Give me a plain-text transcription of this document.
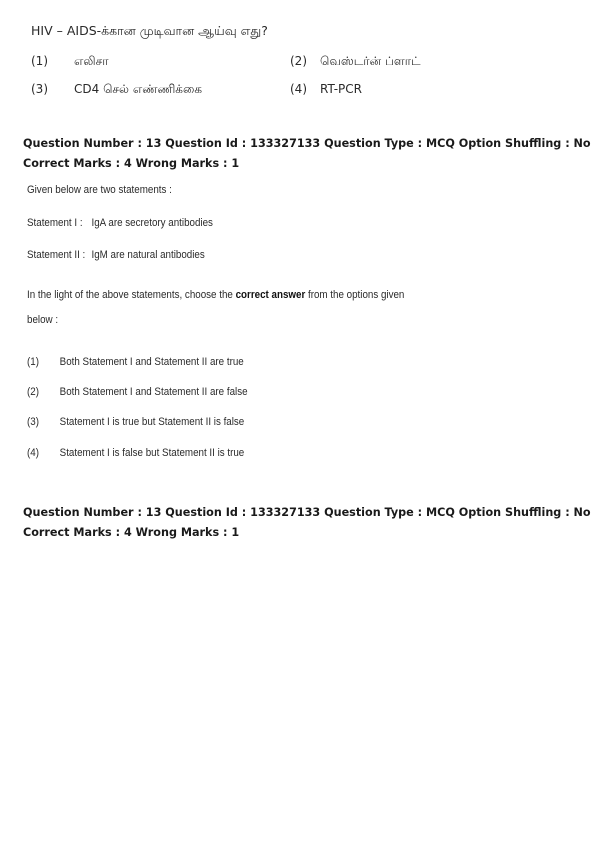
HIV – AIDS-க்கான முடிவான ஆய்வு எது?
(1) எலிசா	(2) வெஸ்டர்ன் ப்ளாட்
(3) CD4 செல் எண்ணிக்கை	(4) RT-PCR
Question Number : 13 Question Id : 133327133 Question Type : MCQ Option Shuffling : No
Correct Marks : 4 Wrong Marks : 1
Given below are two statements :
Statement I : IgA are secretory antibodies
Statement II : IgM are natural antibodies
In the light of the above statements, choose the correct answer from the options given
below :
(1) Both Statement I and Statement II are true
(2) Both Statement I and Statement II are false
(3) Statement I is true but Statement II is false
(4) Statement I is false but Statement II is true
Question Number : 13 Question Id : 133327133 Question Type : MCQ Option Shuffling : No
Correct Marks : 4 Wrong Marks : 1
